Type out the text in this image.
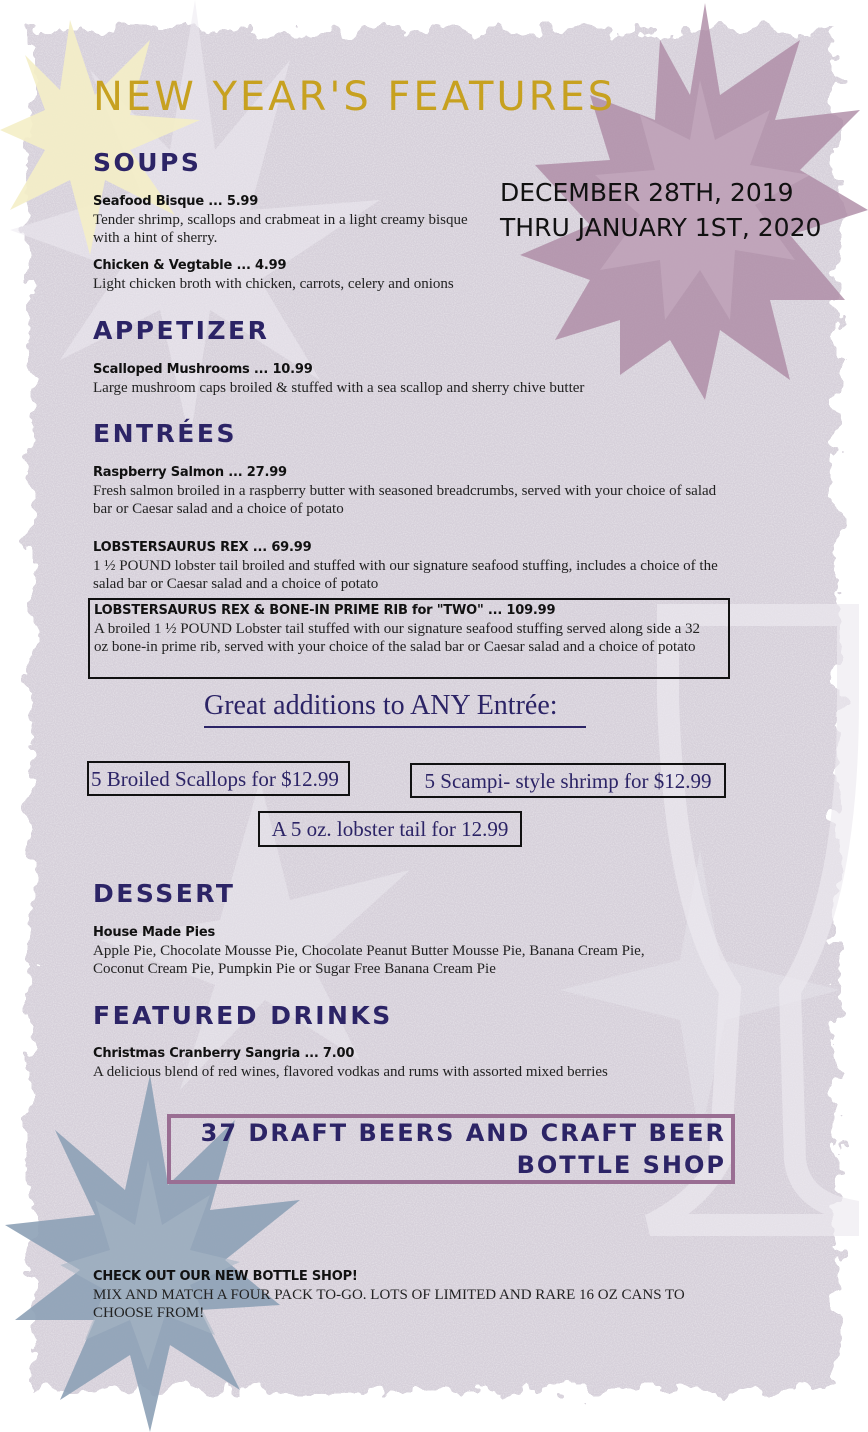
NEW YEAR'S FEATURES
DECEMBER 28TH, 2019
THRU JANUARY 1ST, 2020
SOUPS
Seafood Bisque ... 5.99
Tender shrimp, scallops and crabmeat in a light creamy bisque with a hint of sherry.
Chicken & Vegtable ... 4.99
Light chicken broth with chicken, carrots, celery and onions
APPETIZER
Scalloped Mushrooms ... 10.99
Large mushroom caps broiled & stuffed with a sea scallop and sherry chive butter
ENTRÉES
Raspberry Salmon ... 27.99
Fresh salmon broiled in a raspberry butter with seasoned breadcrumbs, served with your choice of salad bar or Caesar salad and a choice of potato
LOBSTERSAURUS REX ... 69.99
1 ½ POUND lobster tail broiled and stuffed with our signature seafood stuffing, includes a choice of the salad bar or Caesar salad and a choice of potato
LOBSTERSAURUS REX & BONE-IN PRIME RIB for "TWO" ... 109.99
A broiled 1 ½ POUND Lobster tail stuffed with our signature seafood stuffing served along side a 32 oz bone-in prime rib, served with your choice of the salad bar or Caesar salad and a choice of potato
Great additions to ANY Entrée:
5 Broiled Scallops for $12.99	5 Scampi- style shrimp for $12.99
A 5 oz. lobster tail for 12.99
DESSERT
House Made Pies
Apple Pie, Chocolate Mousse Pie, Chocolate Peanut Butter Mousse Pie, Banana Cream Pie, Coconut Cream Pie, Pumpkin Pie or Sugar Free Banana Cream Pie
FEATURED DRINKS
Christmas Cranberry Sangria ... 7.00
A delicious blend of red wines, flavored vodkas and rums with assorted mixed berries
37 DRAFT BEERS AND CRAFT BEER
BOTTLE SHOP
CHECK OUT OUR NEW BOTTLE SHOP!
MIX AND MATCH A FOUR PACK TO-GO. LOTS OF LIMITED AND RARE 16 OZ CANS TO CHOOSE FROM!
